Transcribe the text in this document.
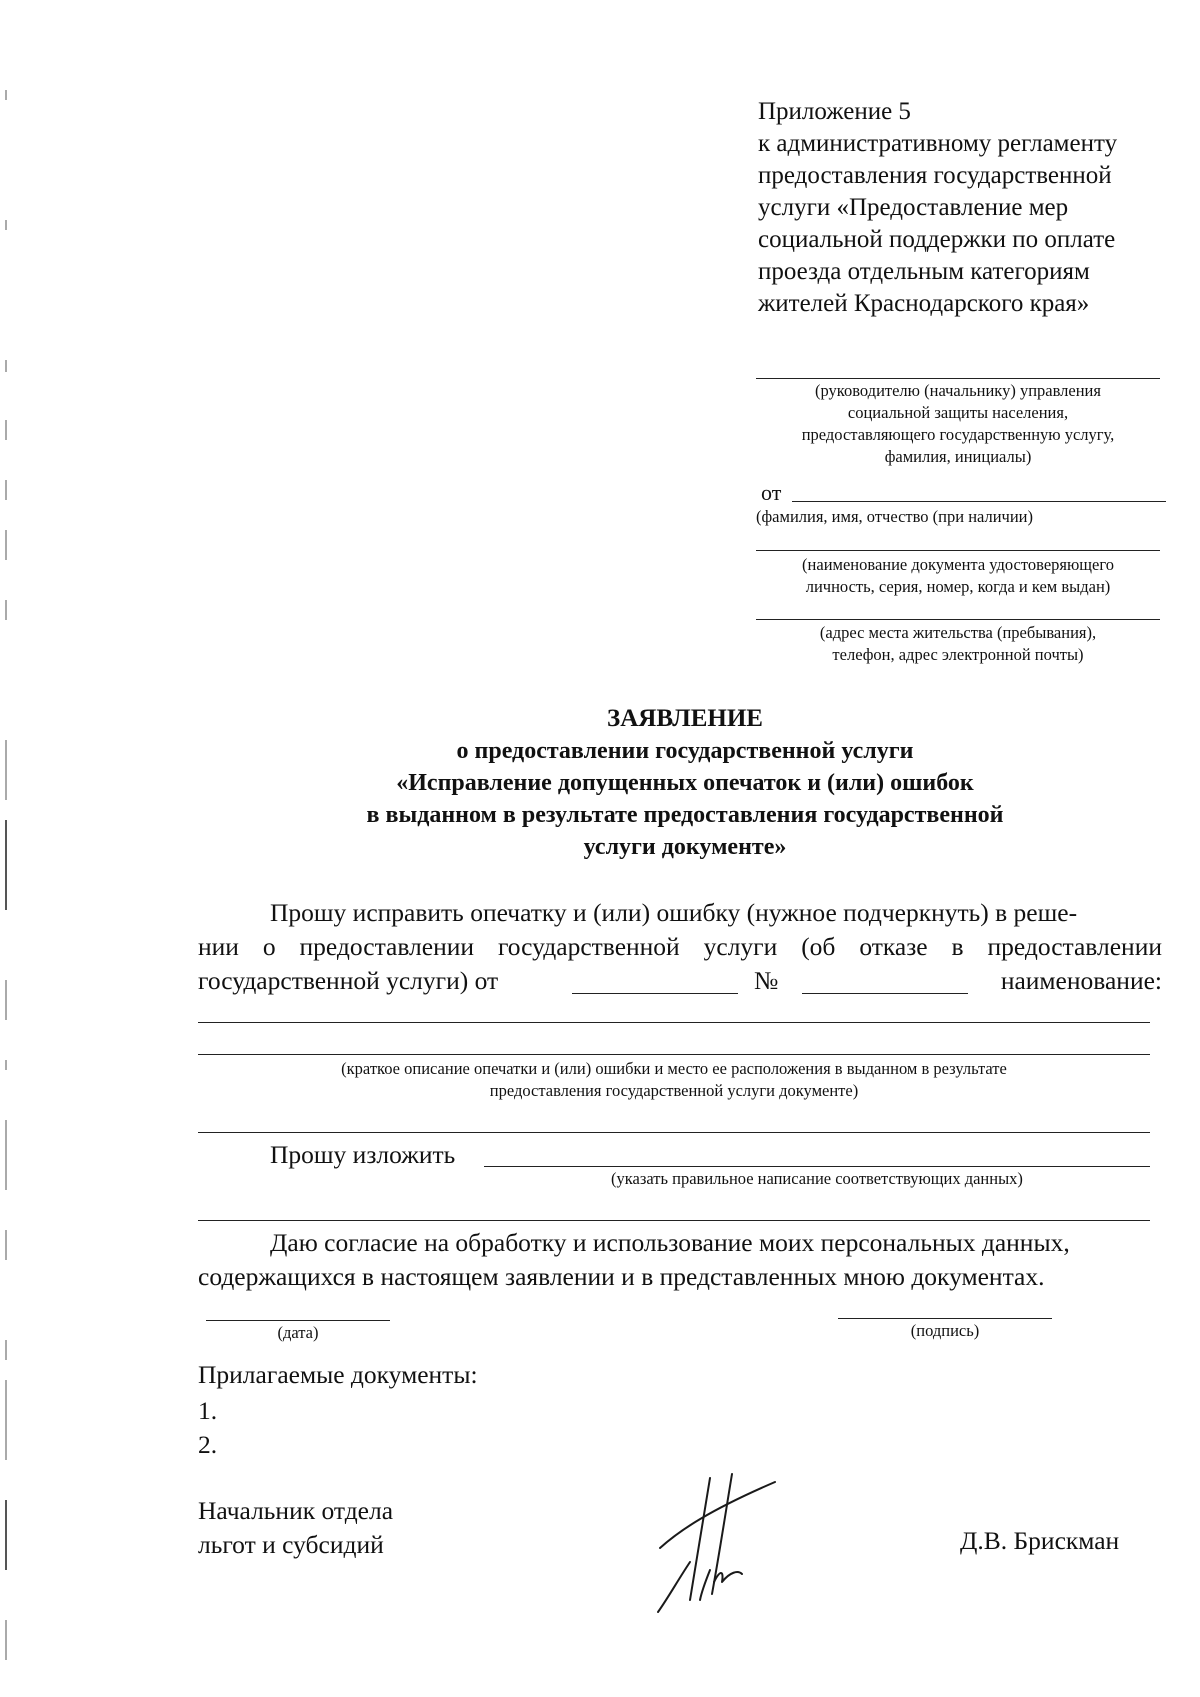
Приложение 5
к административному регламенту
предоставления государственной
услуги «Предоставление мер
социальной поддержки по оплате
проезда отдельным категориям
жителей Краснодарского края»
(руководителю (начальнику) управления
социальной защиты населения,
предоставляющего государственную услугу,
фамилия, инициалы)
от
(фамилия, имя, отчество (при наличии)
(наименование документа удостоверяющего
личность, серия, номер, когда и кем выдан)
(адрес места жительства (пребывания),
телефон, адрес электронной почты)
ЗАЯВЛЕНИЕ
о предоставлении государственной услуги
«Исправление допущенных опечаток и (или) ошибок
в выданном в результате предоставления государственной
услуги документе»
Прошу исправить опечатку и (или) ошибку (нужное подчеркнуть) в реше-
нии о предоставлении государственной услуги (об отказе в предоставлении
государственной услуги) от	№	наименование:
(краткое описание опечатки и (или) ошибки и место ее расположения в выданном в результате
предоставления государственной услуги документе)
Прошу изложить
(указать правильное написание соответствующих данных)
Даю согласие на обработку и использование моих персональных данных,
содержащихся в настоящем заявлении и в представленных мною документах.
(дата)	(подпись)
Прилагаемые документы:
1.
2.
Начальник отдела
льгот и субсидий	Д.В. Брискман
